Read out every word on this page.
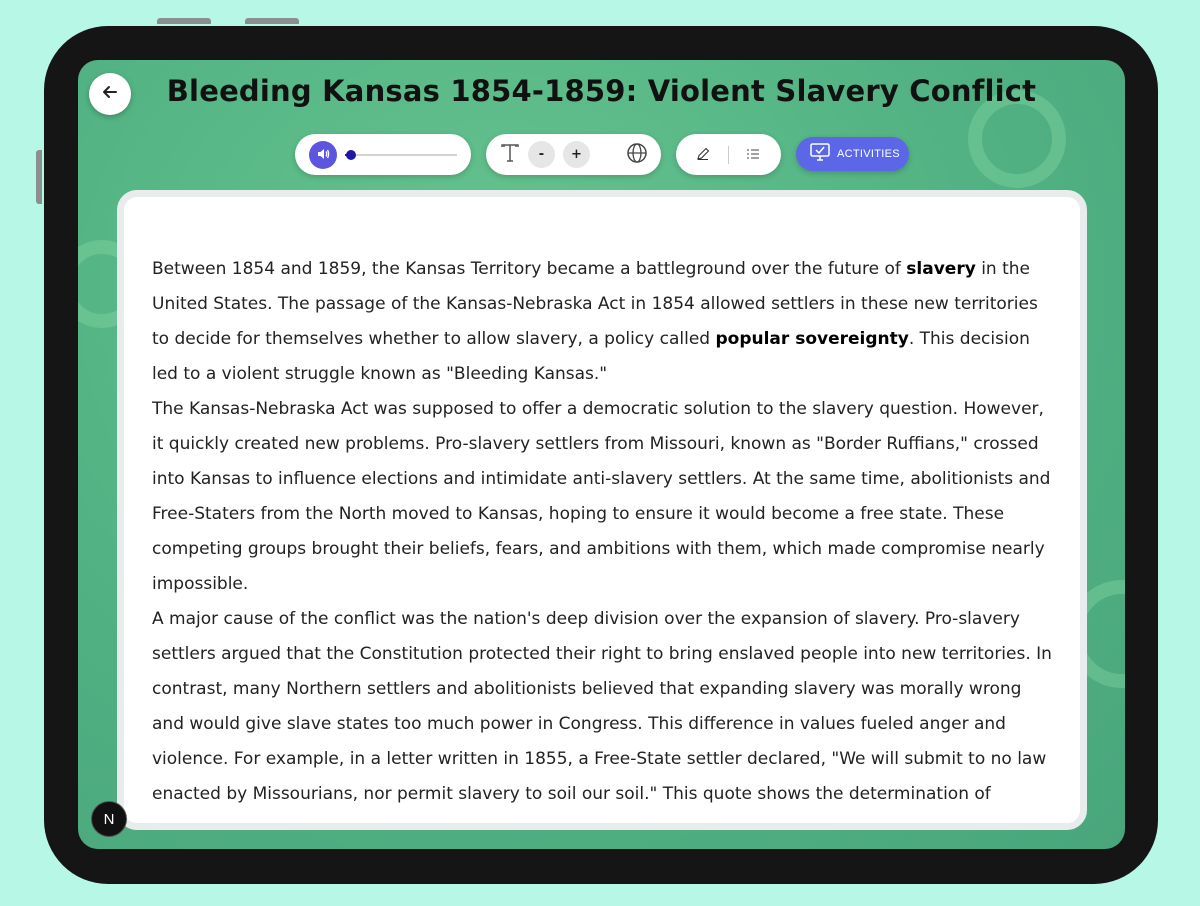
Bleeding Kansas 1854-1859: Violent Slavery Conflict
-	+	ACTIVITIES

Between 1854 and 1859, the Kansas Territory became a battleground over the future of slavery in the United States. The passage of the Kansas-Nebraska Act in 1854 allowed settlers in these new territories to decide for themselves whether to allow slavery, a policy called popular sovereignty. This decision led to a violent struggle known as "Bleeding Kansas."

The Kansas-Nebraska Act was supposed to offer a democratic solution to the slavery question. However, it quickly created new problems. Pro-slavery settlers from Missouri, known as "Border Ruffians," crossed into Kansas to influence elections and intimidate anti-slavery settlers. At the same time, abolitionists and Free-Staters from the North moved to Kansas, hoping to ensure it would become a free state. These competing groups brought their beliefs, fears, and ambitions with them, which made compromise nearly impossible.

A major cause of the conflict was the nation's deep division over the expansion of slavery. Pro-slavery settlers argued that the Constitution protected their right to bring enslaved people into new territories. In contrast, many Northern settlers and abolitionists believed that expanding slavery was morally wrong and would give slave states too much power in Congress. This difference in values fueled anger and violence. For example, in a letter written in 1855, a Free-State settler declared, "We will submit to no law enacted by Missourians, nor permit slavery to soil our soil." This quote shows the determination of

N
